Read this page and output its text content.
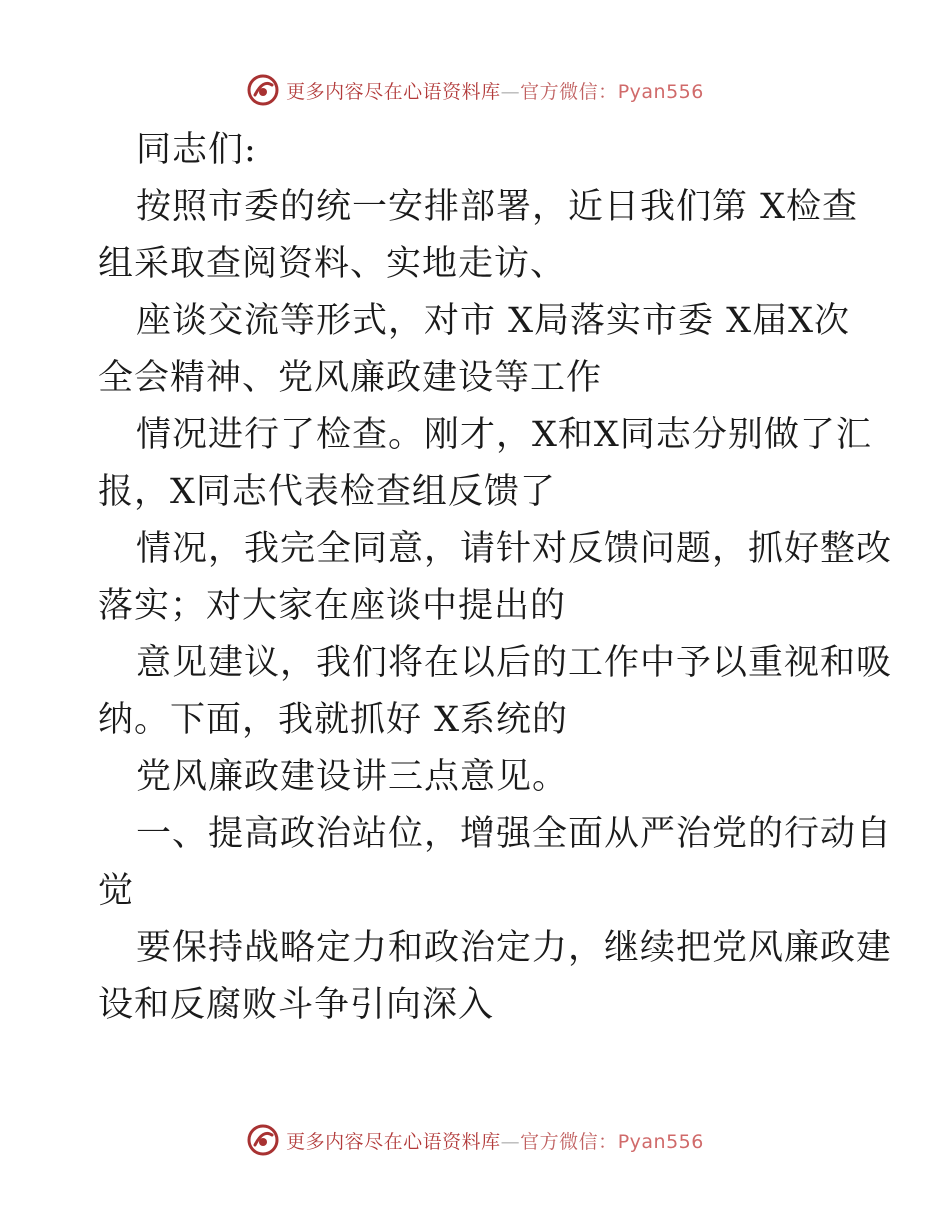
更多内容尽在心语资料库—官方微信：Pyan556

同志们:

按照市委的统一安排部署，近日我们第 X检查

组采取查阅资料、实地走访、

座谈交流等形式，对市 X局落实市委 X届X次

全会精神、党风廉政建设等工作

情况进行了检查。刚才，X和X同志分别做了汇

报，X同志代表检查组反馈了

情况，我完全同意，请针对反馈问题，抓好整改

落实；对大家在座谈中提出的

意见建议，我们将在以后的工作中予以重视和吸

纳。下面，我就抓好 X系统的

党风廉政建设讲三点意见。

一、提高政治站位，增强全面从严治党的行动自

觉

要保持战略定力和政治定力，继续把党风廉政建

设和反腐败斗争引向深入

更多内容尽在心语资料库—官方微信：Pyan556
